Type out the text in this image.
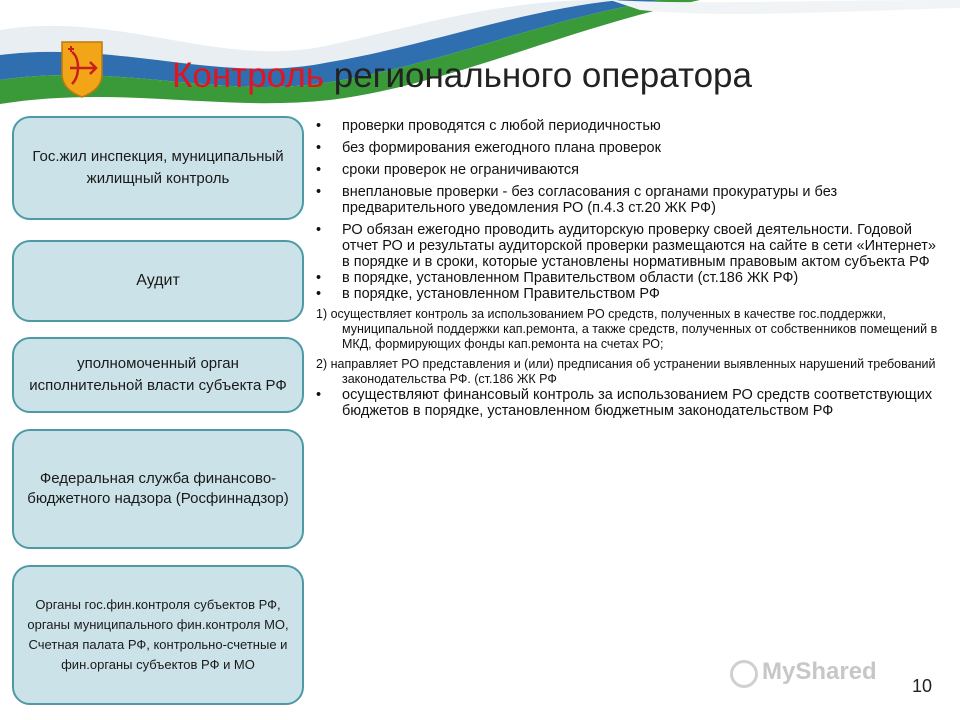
Контроль регионального оператора
Гос.жил инспекция, муниципальный жилищный контроль
Аудит
уполномоченный орган исполнительной власти субъекта РФ
Федеральная служба финансово-бюджетного надзора (Росфиннадзор)
Органы гос.фин.контроля субъектов РФ, органы муниципального фин.контроля МО, Счетная палата РФ, контрольно-счетные и фин.органы субъектов РФ и МО
• проверки проводятся с любой периодичностью
• без формирования ежегодного плана проверок
• сроки проверок не ограничиваются
• внеплановые проверки - без согласования с органами прокуратуры и без предварительного уведомления РО (п.4.3 ст.20 ЖК РФ)
• РО обязан ежегодно проводить аудиторскую проверку своей деятельности. Годовой отчет РО и результаты аудиторской проверки размещаются на сайте в сети «Интернет» в порядке и в сроки, которые установлены нормативным правовым актом субъекта РФ
• в порядке, установленном Правительством области (ст.186 ЖК РФ)
• в порядке, установленном Правительством РФ
1) осуществляет контроль за использованием РО средств, полученных в качестве гос.поддержки, муниципальной поддержки кап.ремонта, а также средств, полученных от собственников помещений в МКД, формирующих фонды кап.ремонта на счетах РО;
2) направляет РО представления и (или) предписания об устранении выявленных нарушений требований законодательства РФ. (ст.186 ЖК РФ
• осуществляют финансовый контроль за использованием РО средств соответствующих бюджетов в порядке, установленном бюджетным законодательством РФ
MyShared
10
